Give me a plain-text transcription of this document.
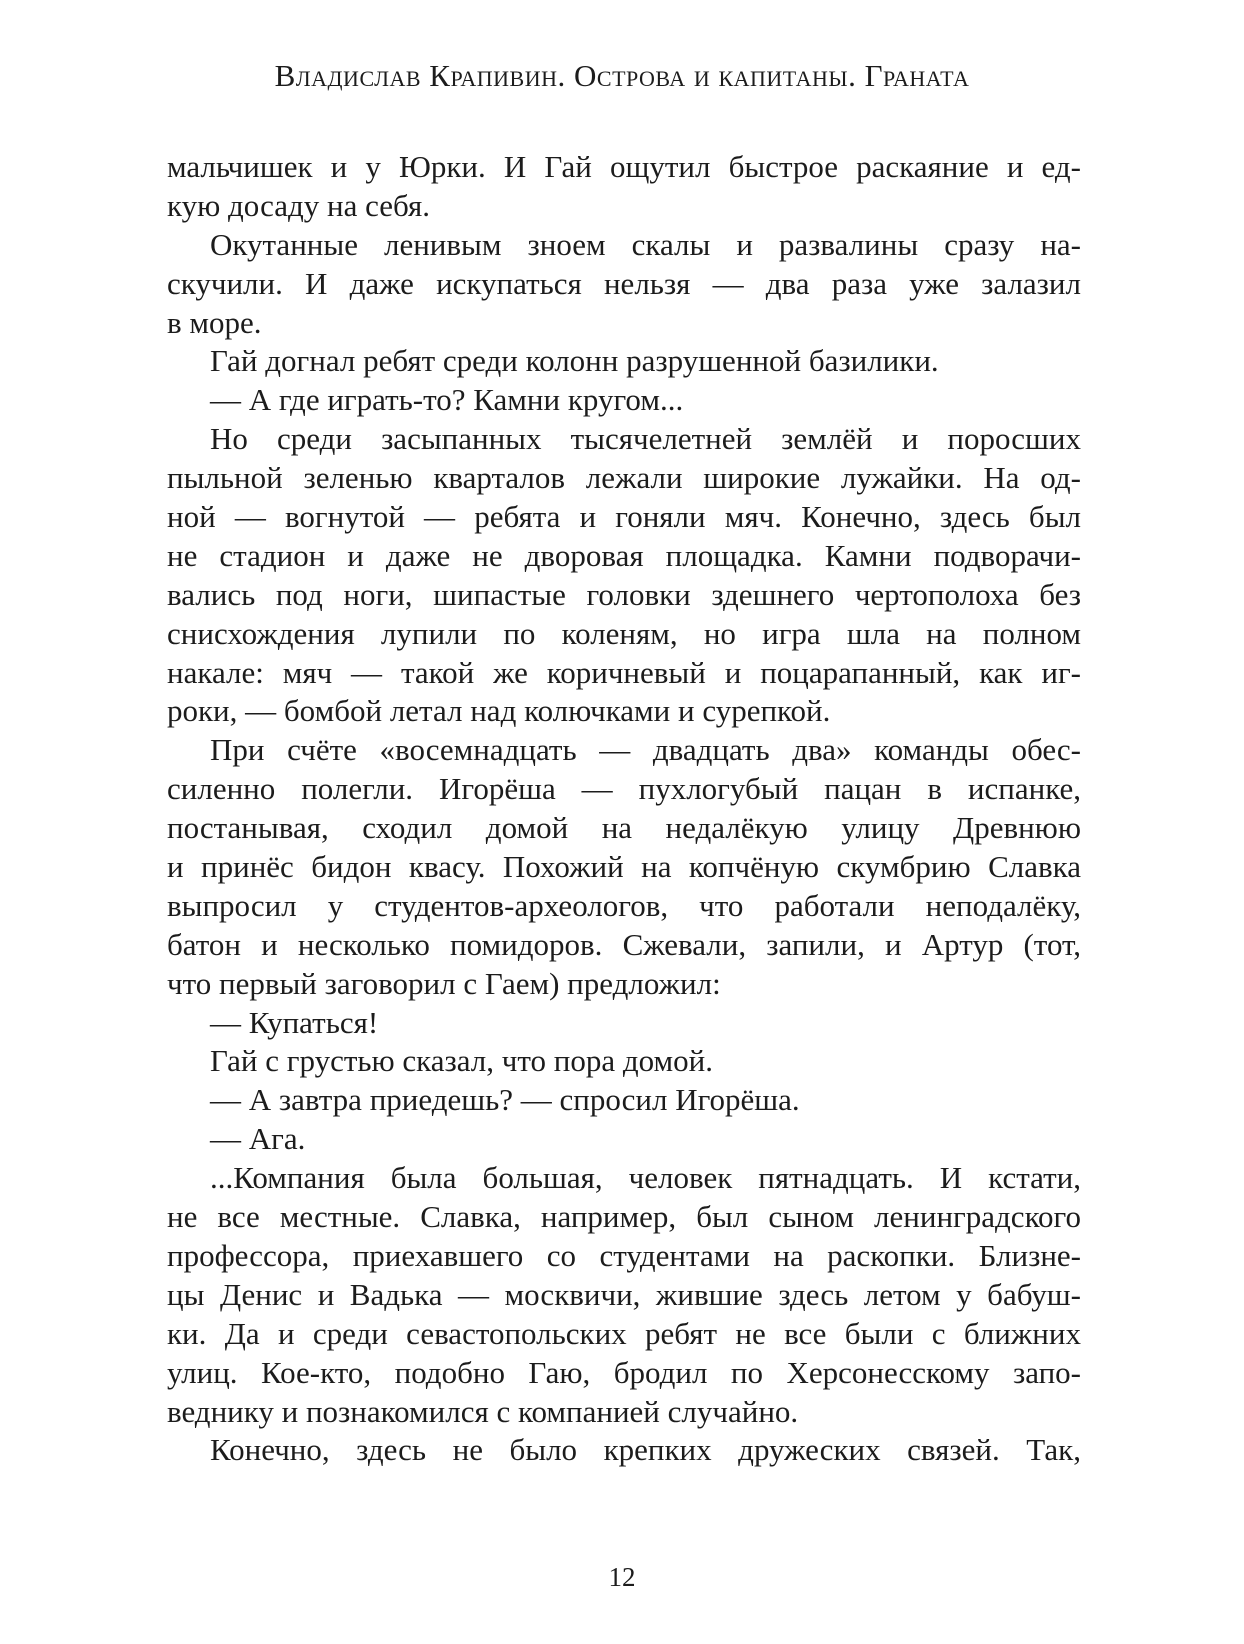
Владислав Крапивин. Острова и капитаны. Граната
мальчишек и у Юрки. И Гай ощутил быстрое раскаяние и ед-
кую досаду на себя.
Окутанные ленивым зноем скалы и развалины сразу на-
скучили. И даже искупаться нельзя — два раза уже залазил
в море.
Гай догнал ребят среди колонн разрушенной базилики.
— А где играть-то? Камни кругом...
Но среди засыпанных тысячелетней землёй и поросших
пыльной зеленью кварталов лежали широкие лужайки. На од-
ной — вогнутой — ребята и гоняли мяч. Конечно, здесь был
не стадион и даже не дворовая площадка. Камни подворачи-
вались под ноги, шипастые головки здешнего чертополоха без
снисхождения лупили по коленям, но игра шла на полном
накале: мяч — такой же коричневый и поцарапанный, как иг-
роки, — бомбой летал над колючками и сурепкой.
При счёте «восемнадцать — двадцать два» команды обес-
силенно полегли. Игорёша — пухлогубый пацан в испанке,
постанывая, сходил домой на недалёкую улицу Древнюю
и принёс бидон квасу. Похожий на копчёную скумбрию Славка
выпросил у студентов-археологов, что работали неподалёку,
батон и несколько помидоров. Сжевали, запили, и Артур (тот,
что первый заговорил с Гаем) предложил:
— Купаться!
Гай с грустью сказал, что пора домой.
— А завтра приедешь? — спросил Игорёша.
— Ага.
...Компания была большая, человек пятнадцать. И кстати,
не все местные. Славка, например, был сыном ленинградского
профессора, приехавшего со студентами на раскопки. Близне-
цы Денис и Вадька — москвичи, жившие здесь летом у бабуш-
ки. Да и среди севастопольских ребят не все были с ближних
улиц. Кое-кто, подобно Гаю, бродил по Херсонесскому запо-
веднику и познакомился с компанией случайно.
Конечно, здесь не было крепких дружеских связей. Так,
12
